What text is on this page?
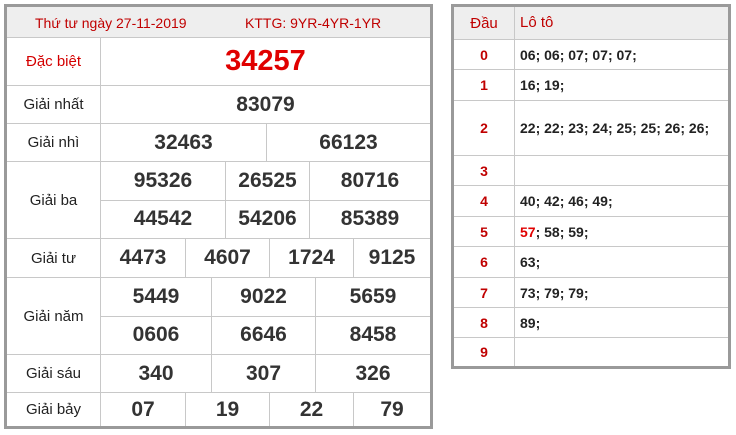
Thứ tư ngày 27-11-2019	KTTG: 9YR-4YR-1YR
Đặc biệt	34257
Giải nhất	83079
Giải nhì	32463	66123
Giải ba
95326	26525	80716
44542	54206	85389
Giải tư	4473	4607	1724	9125
Giải năm
5449	9022	5659
0606	6646	8458
Giải sáu	340	307	326
Giải bảy	07	19	22	79
Đầu	Lô tô
0	06; 06; 07; 07; 07;
1	16; 19;
2	22; 22; 23; 24; 25; 25; 26; 26;
3
4	40; 42; 46; 49;
5	57 ; 58; 59;
6	63;
7	73; 79; 79;
8	89;
9
